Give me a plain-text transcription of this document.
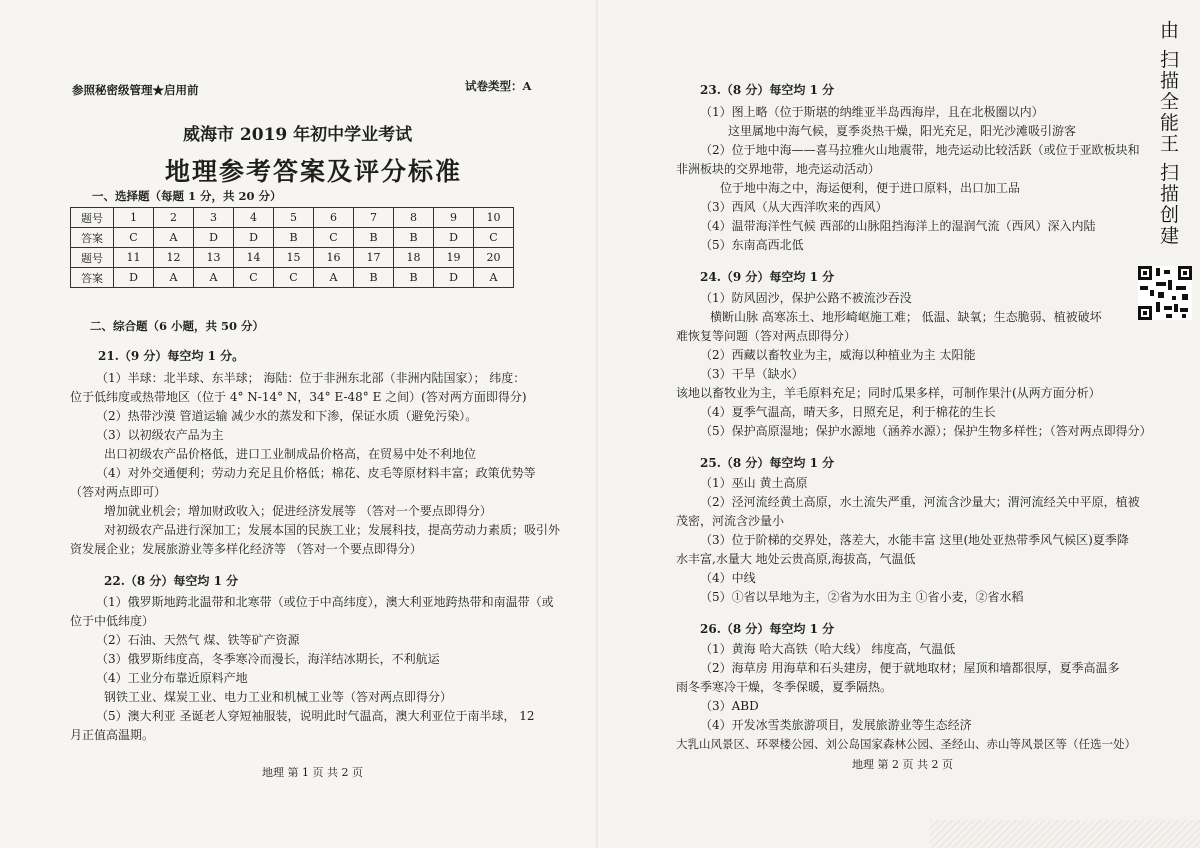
参照秘密级管理★启用前	试卷类型：A
威海市 2019 年初中学业考试
地理参考答案及评分标准
一、选择题（每题 1 分，共 20 分）
题号	1	2	3	4	5	6	7	8	9	10
答案	C	A	D	D	B	C	B	B	D	C
题号	11	12	13	14	15	16	17	18	19	20
答案	D	A	A	C	C	A	B	B	D	A
二、综合题（6 小题，共 50 分）
21.（9 分）每空均 1 分。
（1）半球：北半球、东半球； 海陆：位于非洲东北部（非洲内陆国家）； 纬度：
位于低纬度或热带地区（位于 4° N-14° N，34° E-48° E 之间）(答对两方面即得分)
（2）热带沙漠 管道运输 减少水的蒸发和下渗，保证水质（避免污染）。
（3）以初级农产品为主
出口初级农产品价格低，进口工业制成品价格高，在贸易中处不利地位
（4）对外交通便利；劳动力充足且价格低；棉花、皮毛等原材料丰富；政策优势等
（答对两点即可）
增加就业机会；增加财政收入；促进经济发展等 （答对一个要点即得分）
对初级农产品进行深加工；发展本国的民族工业；发展科技，提高劳动力素质；吸引外
资发展企业；发展旅游业等多样化经济等 （答对一个要点即得分）
22.（8 分）每空均 1 分
（1）俄罗斯地跨北温带和北寒带（或位于中高纬度），澳大利亚地跨热带和南温带（或
位于中低纬度）
（2）石油、天然气 煤、铁等矿产资源
（3）俄罗斯纬度高，冬季寒冷而漫长，海洋结冰期长，不利航运
（4）工业分布靠近原料产地
钢铁工业、煤炭工业、电力工业和机械工业等（答对两点即得分）
（5）澳大利亚 圣诞老人穿短袖服装，说明此时气温高，澳大利亚位于南半球， 12
月正值高温期。
地理 第 1 页 共 2 页
23.（8 分）每空均 1 分
（1）图上略（位于斯堪的纳维亚半岛西海岸，且在北极圈以内）
这里属地中海气候，夏季炎热干燥，阳光充足，阳光沙滩吸引游客
（2）位于地中海——喜马拉雅火山地震带，地壳运动比较活跃（或位于亚欧板块和
非洲板块的交界地带，地壳运动活动）
位于地中海之中，海运便利，便于进口原料，出口加工品
（3）西风（从大西洋吹来的西风）
（4）温带海洋性气候 西部的山脉阻挡海洋上的湿润气流（西风）深入内陆
（5）东南高西北低
24.（9 分）每空均 1 分
（1）防风固沙，保护公路不被流沙吞没
横断山脉 高寒冻土、地形崎岖施工难； 低温、缺氧；生态脆弱、植被破坏
难恢复等问题（答对两点即得分）
（2）西藏以畜牧业为主，威海以种植业为主 太阳能
（3）干旱（缺水）
该地以畜牧业为主，羊毛原料充足；同时瓜果多样，可制作果汁(从两方面分析）
（4）夏季气温高，晴天多，日照充足，利于棉花的生长
（5）保护高原湿地；保护水源地（涵养水源）；保护生物多样性；（答对两点即得分）
25.（8 分）每空均 1 分
（1）巫山 黄土高原
（2）泾河流经黄土高原，水土流失严重，河流含沙量大；渭河流经关中平原，植被
茂密，河流含沙量小
（3）位于阶梯的交界处，落差大，水能丰富 这里(地处亚热带季风气候区)夏季降
水丰富,水量大 地处云贵高原,海拔高，气温低
（4）中线
（5）①省以旱地为主，②省为水田为主 ①省小麦，②省水稻
26.（8 分）每空均 1 分
（1）黄海 哈大高铁（哈大线） 纬度高，气温低
（2）海草房 用海草和石头建房，便于就地取材；屋顶和墙都很厚，夏季高温多
雨冬季寒冷干燥，冬季保暖，夏季隔热。
（3）ABD
（4）开发冰雪类旅游项目，发展旅游业等生态经济
大乳山风景区、环翠楼公园、刘公岛国家森林公园、圣经山、赤山等风景区等（任选一处）
地理 第 2 页 共 2 页
由 扫描全能王 扫描创建
